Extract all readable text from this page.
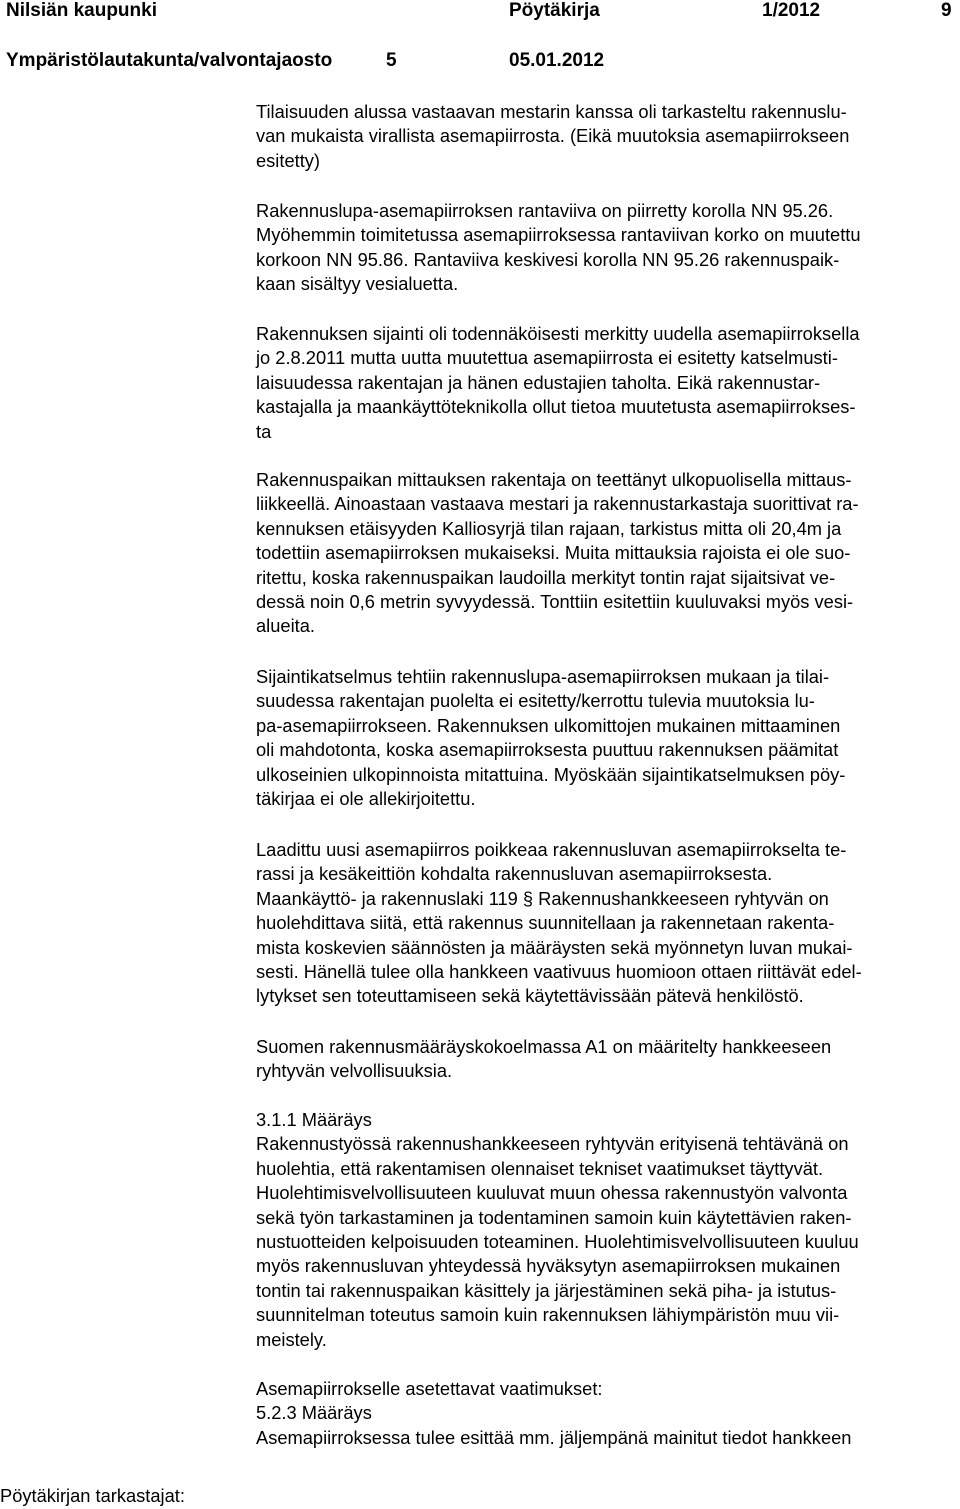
Nilsiän kaupunki	Pöytäkirja	1/2012	9
Ympäristölautakunta/valvontajaosto	5	05.01.2012
Tilaisuuden alussa vastaavan mestarin kanssa oli tarkasteltu rakennuslu-
van mukaista virallista asemapiirrosta. (Eikä muutoksia asemapiirrokseen
esitetty)
Rakennuslupa-asemapiirroksen rantaviiva on piirretty korolla NN 95.26.
Myöhemmin toimitetussa asemapiirroksessa rantaviivan korko on muutettu
korkoon NN 95.86. Rantaviiva keskivesi korolla NN 95.26 rakennuspaik-
kaan sisältyy vesialuetta.
Rakennuksen sijainti oli todennäköisesti merkitty uudella asemapiirroksella
jo 2.8.2011 mutta uutta muutettua asemapiirrosta ei esitetty katselmusti-
laisuudessa rakentajan ja hänen edustajien taholta. Eikä rakennustar-
kastajalla ja maankäyttöteknikolla ollut tietoa muutetusta asemapiirrokses-
ta
Rakennuspaikan mittauksen rakentaja on teettänyt ulkopuolisella mittaus-
liikkeellä. Ainoastaan vastaava mestari ja rakennustarkastaja suorittivat ra-
kennuksen etäisyyden Kalliosyrjä tilan rajaan, tarkistus mitta oli 20,4m ja
todettiin asemapiirroksen mukaiseksi. Muita mittauksia rajoista ei ole suo-
ritettu, koska rakennuspaikan laudoilla merkityt tontin rajat sijaitsivat ve-
dessä noin 0,6 metrin syvyydessä. Tonttiin esitettiin kuuluvaksi myös vesi-
alueita.
Sijaintikatselmus tehtiin rakennuslupa-asemapiirroksen mukaan ja tilai-
suudessa rakentajan puolelta ei esitetty/kerrottu tulevia muutoksia lu-
pa-asemapiirrokseen. Rakennuksen ulkomittojen mukainen mittaaminen
oli mahdotonta, koska asemapiirroksesta puuttuu rakennuksen päämitat
ulkoseinien ulkopinnoista mitattuina. Myöskään sijaintikatselmuksen pöy-
täkirjaa ei ole allekirjoitettu.
Laadittu uusi asemapiirros poikkeaa rakennusluvan asemapiirrokselta te-
rassi ja kesäkeittiön kohdalta rakennusluvan asemapiirroksesta.
Maankäyttö- ja rakennuslaki 119 § Rakennushankkeeseen ryhtyvän on
huolehdittava siitä, että rakennus suunnitellaan ja rakennetaan rakenta-
mista koskevien säännösten ja määräysten sekä myönnetyn luvan mukai-
sesti. Hänellä tulee olla hankkeen vaativuus huomioon ottaen riittävät edel-
lytykset sen toteuttamiseen sekä käytettävissään pätevä henkilöstö.
Suomen rakennusmääräyskokoelmassa A1 on määritelty hankkeeseen
ryhtyvän velvollisuuksia.
3.1.1 Määräys
Rakennustyössä rakennushankkeeseen ryhtyvän erityisenä tehtävänä on
huolehtia, että rakentamisen olennaiset tekniset vaatimukset täyttyvät.
Huolehtimisvelvollisuuteen kuuluvat muun ohessa rakennustyön valvonta
sekä työn tarkastaminen ja todentaminen samoin kuin käytettävien raken-
nustuotteiden kelpoisuuden toteaminen. Huolehtimisvelvollisuuteen kuuluu
myös rakennusluvan yhteydessä hyväksytyn asemapiirroksen mukainen
tontin tai rakennuspaikan käsittely ja järjestäminen sekä piha- ja istutus-
suunnitelman toteutus samoin kuin rakennuksen lähiympäristön muu vii-
meistely.
Asemapiirrokselle asetettavat vaatimukset:
5.2.3 Määräys
Asemapiirroksessa tulee esittää mm. jäljempänä mainitut tiedot hankkeen
Pöytäkirjan tarkastajat:
